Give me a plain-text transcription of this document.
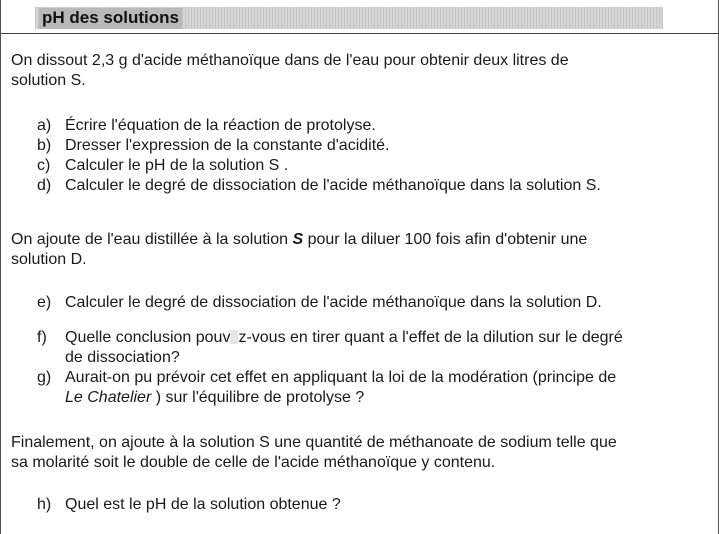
pH des solutions

On dissout 2,3 g d'acide méthanoïque dans de l'eau pour obtenir deux litres de
solution S.

a) Écrire l'équation de la réaction de protolyse.
b) Dresser l'expression de la constante d'acidité.
c) Calculer le pH de la solution S .
d) Calculer le degré de dissociation de l'acide méthanoïque dans la solution S.

On ajoute de l'eau distillée à la solution S pour la diluer 100 fois afin d'obtenir une
solution D.

e) Calculer le degré de dissociation de l'acide méthanoïque dans la solution D.
f) Quelle conclusion pouv z-vous en tirer quant a l'effet de la dilution sur le degré
de dissociation?
g) Aurait-on pu prévoir cet effet en appliquant la loi de la modération (principe de
Le Chatelier ) sur l'équilibre de protolyse ?

Finalement, on ajoute à la solution S une quantité de méthanoate de sodium telle que
sa molarité soit le double de celle de l'acide méthanoïque y contenu.

h) Quel est le pH de la solution obtenue ?
